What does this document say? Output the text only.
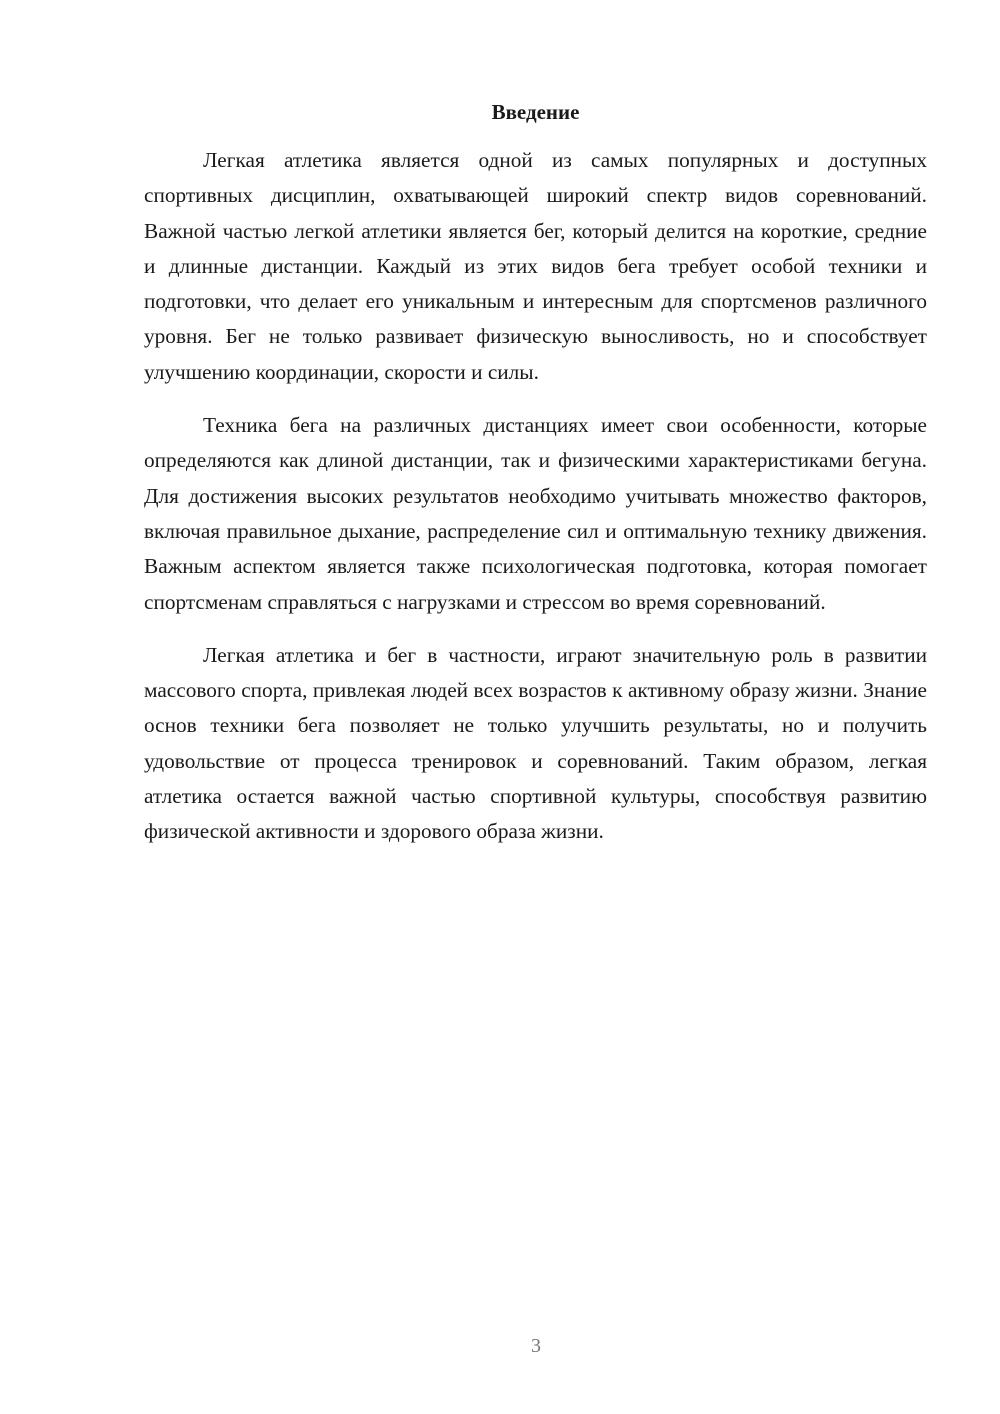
Введение

Легкая атлетика является одной из самых популярных и доступных спортивных дисциплин, охватывающей широкий спектр видов соревнований. Важной частью легкой атлетики является бег, который делится на короткие, средние и длинные дистанции. Каждый из этих видов бега требует особой техники и подготовки, что делает его уникальным и интересным для спортсменов различного уровня. Бег не только развивает физическую выносливость, но и способствует улучшению координации, скорости и силы.

Техника бега на различных дистанциях имеет свои особенности, которые определяются как длиной дистанции, так и физическими характеристиками бегуна. Для достижения высоких результатов необходимо учитывать множество факторов, включая правильное дыхание, распределение сил и оптимальную технику движения. Важным аспектом является также психологическая подготовка, которая помогает спортсменам справляться с нагрузками и стрессом во время соревнований.

Легкая атлетика и бег в частности, играют значительную роль в развитии массового спорта, привлекая людей всех возрастов к активному образу жизни. Знание основ техники бега позволяет не только улучшить результаты, но и получить удовольствие от процесса тренировок и соревнований. Таким образом, легкая атлетика остается важной частью спортивной культуры, способствуя развитию физической активности и здорового образа жизни.

3
